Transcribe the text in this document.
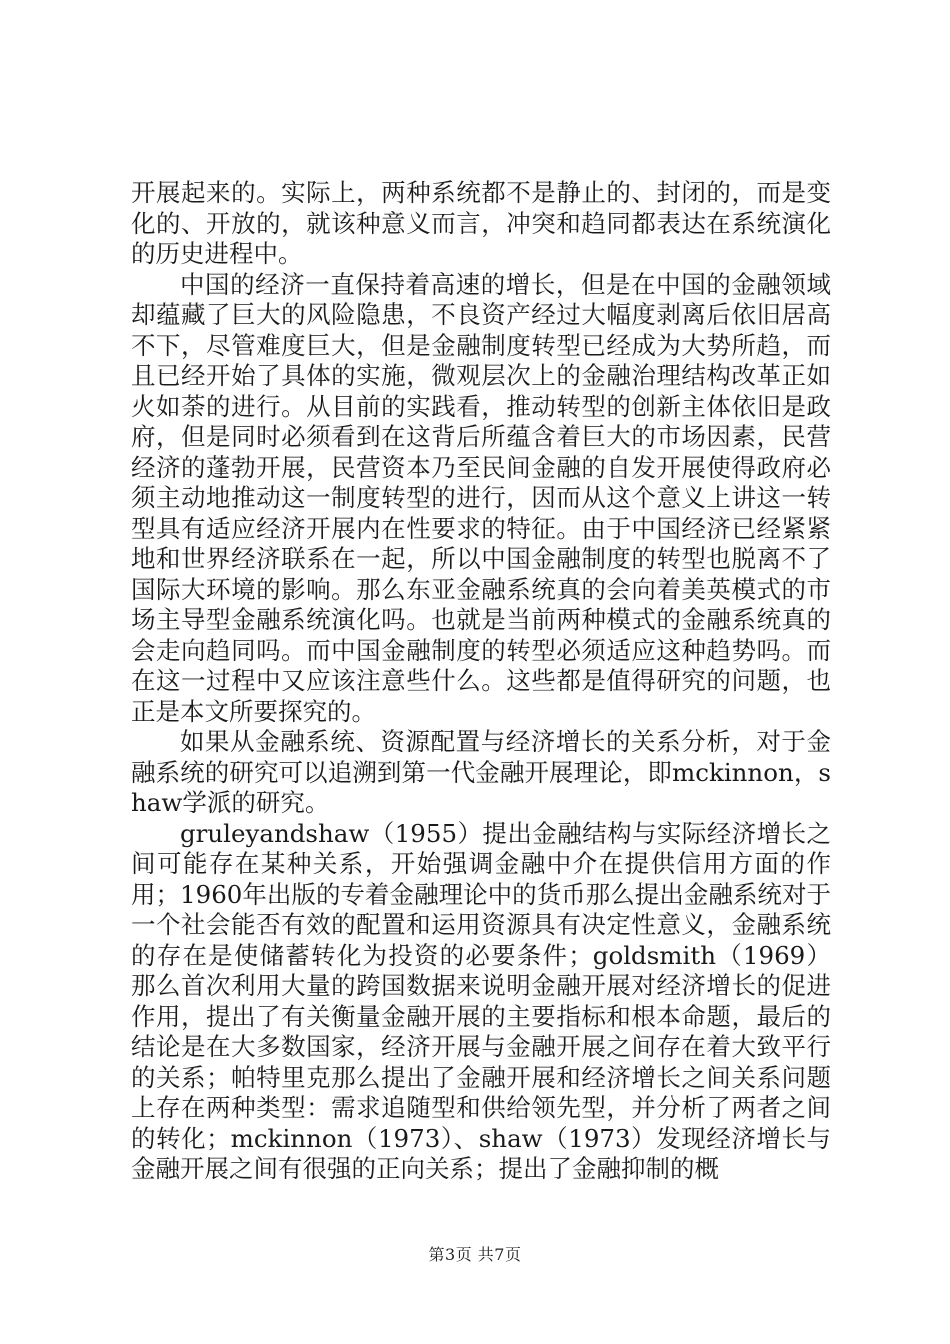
开展起来的。实际上，两种系统都不是静止的、封闭的，而是变化的、开放的，就该种意义而言，冲突和趋同都表达在系统演化的历史进程中。

中国的经济一直保持着高速的增长，但是在中国的金融领域却蕴藏了巨大的风险隐患，不良资产经过大幅度剥离后依旧居高不下，尽管难度巨大，但是金融制度转型已经成为大势所趋，而且已经开始了具体的实施，微观层次上的金融治理结构改革正如火如荼的进行。从目前的实践看，推动转型的创新主体依旧是政府，但是同时必须看到在这背后所蕴含着巨大的市场因素，民营经济的蓬勃开展，民营资本乃至民间金融的自发开展使得政府必须主动地推动这一制度转型的进行，因而从这个意义上讲这一转型具有适应经济开展内在性要求的特征。由于中国经济已经紧紧地和世界经济联系在一起，所以中国金融制度的转型也脱离不了国际大环境的影响。那么东亚金融系统真的会向着美英模式的市场主导型金融系统演化吗。也就是当前两种模式的金融系统真的会走向趋同吗。而中国金融制度的转型必须适应这种趋势吗。而在这一过程中又应该注意些什么。这些都是值得研究的问题，也正是本文所要探究的。

如果从金融系统、资源配置与经济增长的关系分析，对于金融系统的研究可以追溯到第一代金融开展理论，即mckinnon，shaw学派的研究。

gruleyandshaw（1955）提出金融结构与实际经济增长之间可能存在某种关系，开始强调金融中介在提供信用方面的作用；1960年出版的专着金融理论中的货币那么提出金融系统对于一个社会能否有效的配置和运用资源具有决定性意义，金融系统的存在是使储蓄转化为投资的必要条件；goldsmith（1969）那么首次利用大量的跨国数据来说明金融开展对经济增长的促进作用，提出了有关衡量金融开展的主要指标和根本命题，最后的结论是在大多数国家，经济开展与金融开展之间存在着大致平行的关系；帕特里克那么提出了金融开展和经济增长之间关系问题上存在两种类型：需求追随型和供给领先型，并分析了两者之间的转化；mckinnon（1973）、shaw（1973）发现经济增长与金融开展之间有很强的正向关系；提出了金融抑制的概

第3页 共7页
